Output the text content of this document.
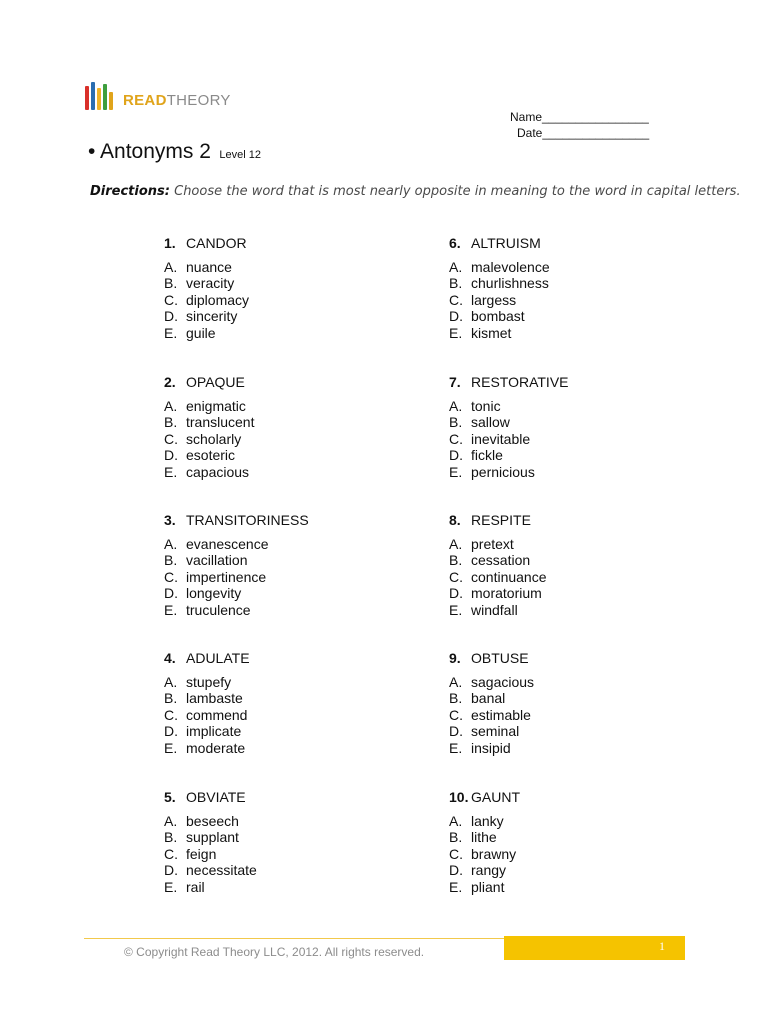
READTHEORY
Name________________
Date________________
• Antonyms 2 Level 12
Directions: Choose the word that is most nearly opposite in meaning to the word in capital letters.
1. CANDOR
A. nuance
B. veracity
C. diplomacy
D. sincerity
E. guile
2. OPAQUE
A. enigmatic
B. translucent
C. scholarly
D. esoteric
E. capacious
3. TRANSITORINESS
A. evanescence
B. vacillation
C. impertinence
D. longevity
E. truculence
4. ADULATE
A. stupefy
B. lambaste
C. commend
D. implicate
E. moderate
5. OBVIATE
A. beseech
B. supplant
C. feign
D. necessitate
E. rail
6. ALTRUISM
A. malevolence
B. churlishness
C. largess
D. bombast
E. kismet
7. RESTORATIVE
A. tonic
B. sallow
C. inevitable
D. fickle
E. pernicious
8. RESPITE
A. pretext
B. cessation
C. continuance
D. moratorium
E. windfall
9. OBTUSE
A. sagacious
B. banal
C. estimable
D. seminal
E. insipid
10. GAUNT
A. lanky
B. lithe
C. brawny
D. rangy
E. pliant
© Copyright Read Theory LLC, 2012. All rights reserved.	1
